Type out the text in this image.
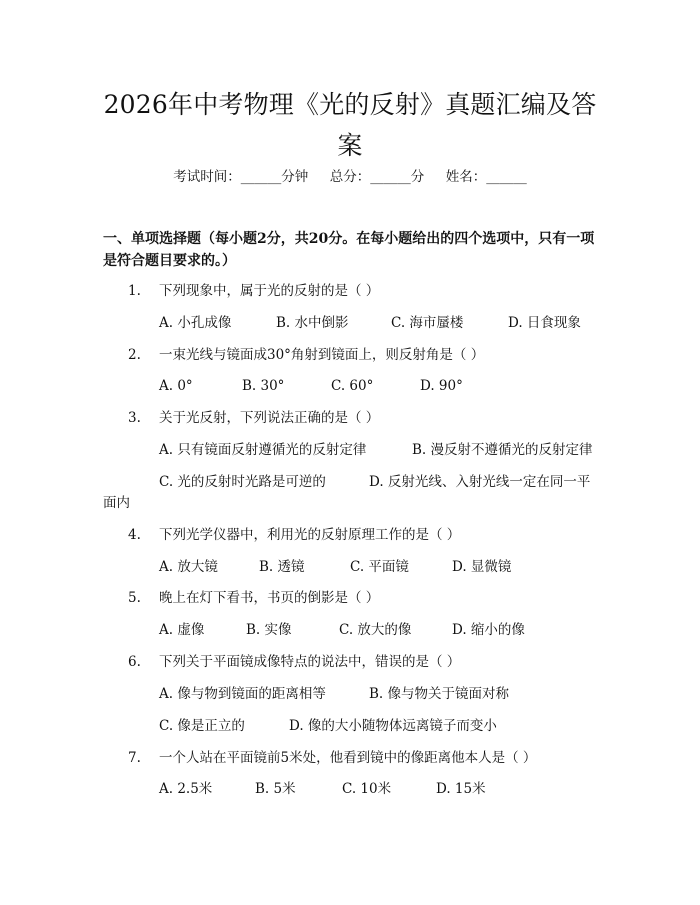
2026年中考物理《光的反射》真题汇编及答案
考试时间：______分钟     总分：______分     姓名：______
一、单项选择题（每小题2分，共20分。在每小题给出的四个选项中，只有一项是符合题目要求的。）
1. 下列现象中，属于光的反射的是（ ）
A. 小孔成像	B. 水中倒影	C. 海市蜃楼	D. 日食现象
2. 一束光线与镜面成30°角射到镜面上，则反射角是（ ）
A. 0°	B. 30°	C. 60°	D. 90°
3. 关于光反射，下列说法正确的是（ ）
A. 只有镜面反射遵循光的反射定律	B. 漫反射不遵循光的反射定律
C. 光的反射时光路是可逆的	D. 反射光线、入射光线一定在同一平
面内
4. 下列光学仪器中，利用光的反射原理工作的是（ ）
A. 放大镜	B. 透镜	C. 平面镜	D. 显微镜
5. 晚上在灯下看书，书页的倒影是（ ）
A. 虚像	B. 实像	C. 放大的像	D. 缩小的像
6. 下列关于平面镜成像特点的说法中，错误的是（ ）
A. 像与物到镜面的距离相等	B. 像与物关于镜面对称
C. 像是正立的	D. 像的大小随物体远离镜子而变小
7. 一个人站在平面镜前5米处，他看到镜中的像距离他本人是（ ）
A. 2.5米	B. 5米	C. 10米	D. 15米
